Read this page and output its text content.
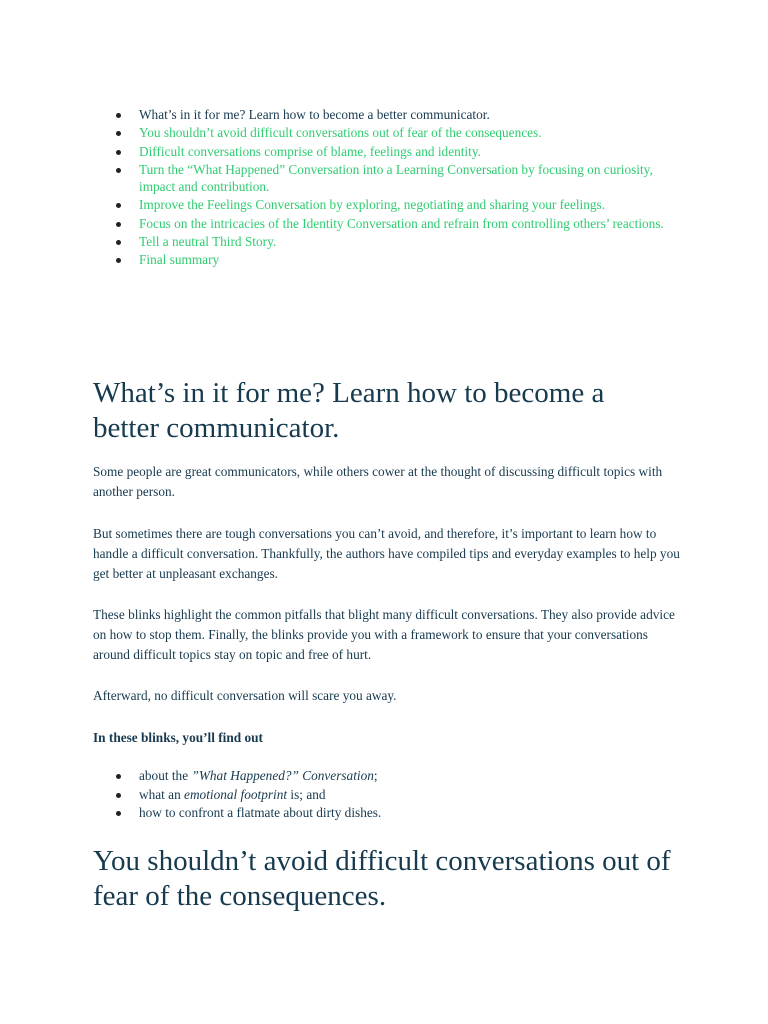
What’s in it for me? Learn how to become a better communicator.
You shouldn’t avoid difficult conversations out of fear of the consequences.
Difficult conversations comprise of blame, feelings and identity.
Turn the “What Happened” Conversation into a Learning Conversation by focusing on curiosity, impact and contribution.
Improve the Feelings Conversation by exploring, negotiating and sharing your feelings.
Focus on the intricacies of the Identity Conversation and refrain from controlling others’ reactions.
Tell a neutral Third Story.
Final summary
What’s in it for me? Learn how to become a better communicator.

Some people are great communicators, while others cower at the thought of discussing difficult topics with another person.

But sometimes there are tough conversations you can’t avoid, and therefore, it’s important to learn how to handle a difficult conversation. Thankfully, the authors have compiled tips and everyday examples to help you get better at unpleasant exchanges.

These blinks highlight the common pitfalls that blight many difficult conversations. They also provide advice on how to stop them. Finally, the blinks provide you with a framework to ensure that your conversations around difficult topics stay on topic and free of hurt.

Afterward, no difficult conversation will scare you away.

In these blinks, you’ll find out

about the ”What Happened?” Conversation;
what an emotional footprint is; and
how to confront a flatmate about dirty dishes.
You shouldn’t avoid difficult conversations out of fear of the consequences.
